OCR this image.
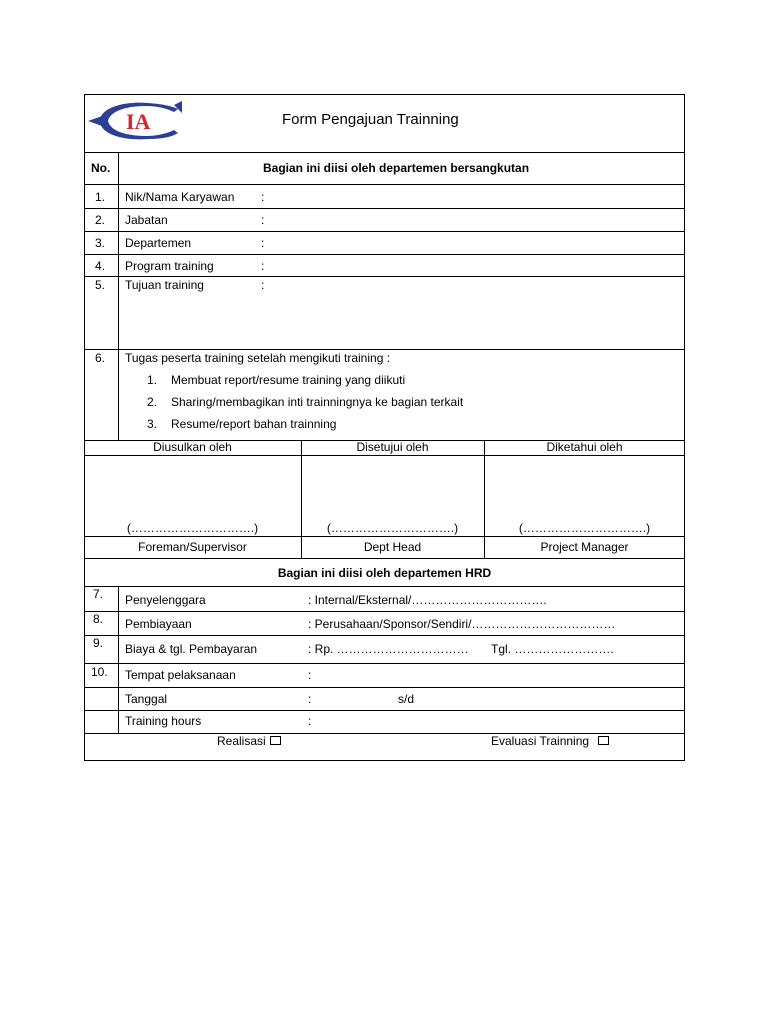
IA	Form Pengajuan Trainning
No.	Bagian ini diisi oleh departemen bersangkutan
1. Nik/Nama Karyawan :
2. Jabatan	:
3. Departemen	:
4. Program training	:
5. Tujuan training	:
6. Tugas peserta training setelah mengikuti training :
1. Membuat report/resume training yang diikuti
2. Sharing/membagikan inti trainningnya ke bagian terkait
3. Resume/report bahan trainning
Diusulkan oleh	Disetujui oleh	Diketahui oleh
(………………………….)	(………………………….)	(………………………….)
Foreman/Supervisor	Dept Head	Project Manager
Bagian ini diisi oleh departemen HRD
7. Penyelenggara	: Internal/Eksternal/…………………………….
8. Pembiayaan	: Perusahaan/Sponsor/Sendiri/………………………………
9. Biaya & tgl. Pembayaran	: Rp. …………………………… Tgl. …………………….
10. Tempat pelaksanaan	:
Tanggal	:	s/d
Training hours	:
Realisasi	Evaluasi Trainning
